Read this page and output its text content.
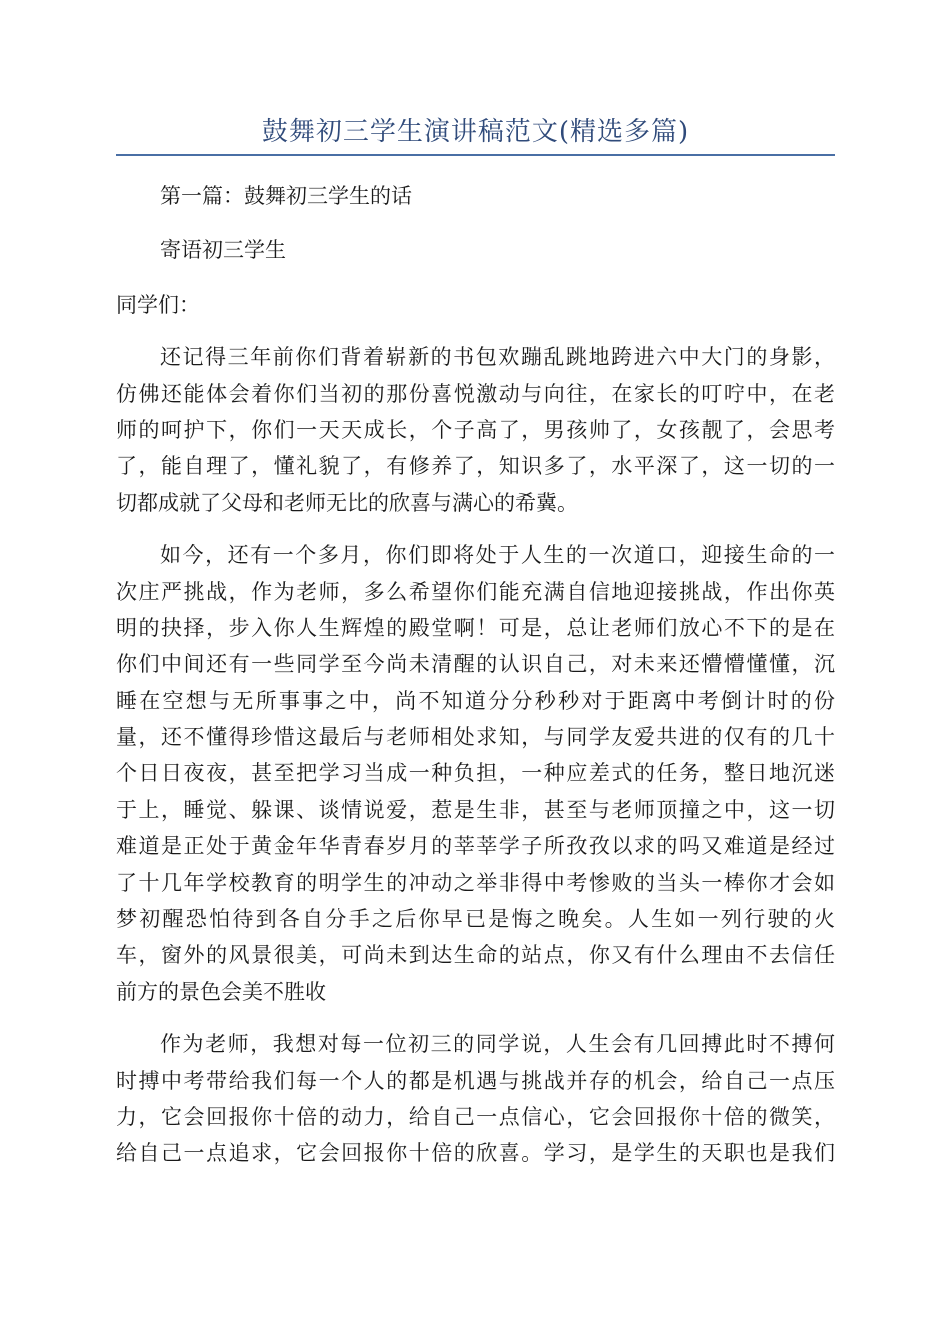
鼓舞初三学生演讲稿范文(精选多篇)
第一篇：鼓舞初三学生的话
寄语初三学生
同学们：
还记得三年前你们背着崭新的书包欢蹦乱跳地跨进六中大门的身影，
仿佛还能体会着你们当初的那份喜悦激动与向往，在家长的叮咛中，在老
师的呵护下，你们一天天成长，个子高了，男孩帅了，女孩靓了，会思考
了，能自理了，懂礼貌了，有修养了，知识多了，水平深了，这一切的一
切都成就了父母和老师无比的欣喜与满心的希冀。
如今，还有一个多月，你们即将处于人生的一次道口，迎接生命的一
次庄严挑战，作为老师，多么希望你们能充满自信地迎接挑战，作出你英
明的抉择，步入你人生辉煌的殿堂啊！可是，总让老师们放心不下的是在
你们中间还有一些同学至今尚未清醒的认识自己，对未来还懵懵懂懂，沉
睡在空想与无所事事之中，尚不知道分分秒秒对于距离中考倒计时的份
量，还不懂得珍惜这最后与老师相处求知，与同学友爱共进的仅有的几十
个日日夜夜，甚至把学习当成一种负担，一种应差式的任务，整日地沉迷
于上，睡觉、躲课、谈情说爱，惹是生非，甚至与老师顶撞之中，这一切
难道是正处于黄金年华青春岁月的莘莘学子所孜孜以求的吗又难道是经过
了十几年学校教育的明学生的冲动之举非得中考惨败的当头一棒你才会如
梦初醒恐怕待到各自分手之后你早已是悔之晚矣。人生如一列行驶的火
车，窗外的风景很美，可尚未到达生命的站点，你又有什么理由不去信任
前方的景色会美不胜收
作为老师，我想对每一位初三的同学说，人生会有几回搏此时不搏何
时搏中考带给我们每一个人的都是机遇与挑战并存的机会，给自己一点压
力，它会回报你十倍的动力，给自己一点信心，它会回报你十倍的微笑，
给自己一点追求，它会回报你十倍的欣喜。学习，是学生的天职也是我们
